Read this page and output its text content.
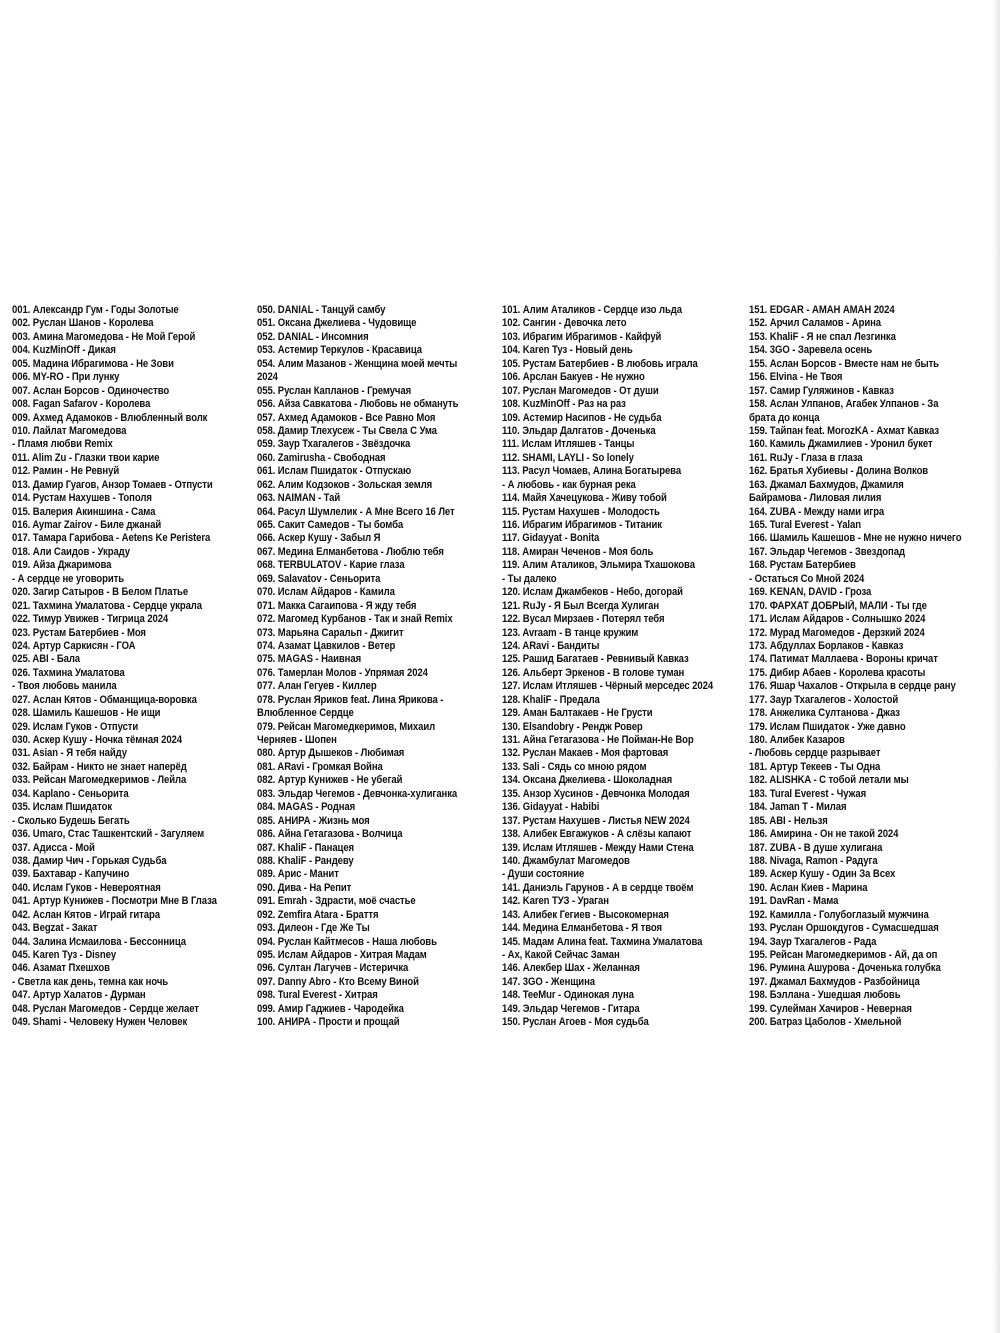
001. Александр Гум - Годы Золотые
002. Руслан Шанов - Королева
003. Амина Магомедова - Не Мой Герой
004. KuzMinOff - Дикая
005. Мадина Ибрагимова - Не Зови
006. MY-RO - При лунку
007. Аслан Борсов - Одиночество
008. Fagan Safarov - Королева
009. Ахмед Адамоков - Влюбленный волк
010. Лайлат Магомедова
- Пламя любви Remix
011. Alim Zu - Глазки твои карие
012. Рамин - Не Ревнуй
013. Дамир Гуагов, Анзор Томаев - Отпусти
014. Рустам Нахушев - Тополя
015. Валерия Акиншина - Сама
016. Aymar Zairov - Биле джанай
017. Тамара Гарибова - Aetens Ke Peristera
018. Али Саидов - Украду
019. Айза Джаримова
- А сердце не уговорить
020. Загир Сатыров - В Белом Платье
021. Тахмина Умалатова - Сердце украла
022. Тимур Увижев - Тигрица 2024
023. Рустам Батербиев - Моя
024. Артур Саркисян - ГОА
025. ABI - Бала
026. Тахмина Умалатова
- Твоя любовь манила
027. Аслан Кятов - Обманщица-воровка
028. Шамиль Кашешов - Не ищи
029. Ислам Гуков - Отпусти
030. Аскер Кушу - Ночка тёмная 2024
031. Asian - Я тебя найду
032. Байрам - Никто не знает наперёд
033. Рейсан Магомедкеримов - Лейла
034. Kaplano - Сеньорита
035. Ислам Пшидаток
- Сколько Будешь Бегать
036. Umaro, Стас Ташкентский - Загуляем
037. Адисса - Мой
038. Дамир Чич - Горькая Судьба
039. Бахтавар - Капучино
040. Ислам Гуков - Невероятная
041. Артур Кунижев - Посмотри Мне В Глаза
042. Аслан Кятов - Играй гитара
043. Begzat - Закат
044. Залина Исмаилова - Бессонница
045. Karen Туз - Disney
046. Азамат Пхешхов
- Светла как день, темна как ночь
047. Артур Халатов - Дурман
048. Руслан Магомедов - Сердце желает
049. Shami - Человеку Нужен Человек
050. DANIAL - Танцуй самбу
051. Оксана Джелиева - Чудовище
052. DANIAL - Инсомния
053. Астемир Теркулов - Красавица
054. Алим Мазанов - Женщина моей мечты
2024
055. Руслан Капланов - Гремучая
056. Айза Савкатова - Любовь не обмануть
057. Ахмед Адамоков - Все Равно Моя
058. Дамир Тлехусеж - Ты Свела С Ума
059. Заур Тхагалегов - Звёздочка
060. Zamirusha - Свободная
061. Ислам Пшидаток - Отпускаю
062. Алим Кодзоков - Зольская земля
063. NAIMAN - Тай
064. Расул Шумлелик - А Мне Всего 16 Лет
065. Сакит Самедов - Ты бомба
066. Аскер Кушу - Забыл Я
067. Медина Елманбетова - Люблю тебя
068. TERBULATOV - Карие глаза
069. Salavatov - Сеньорита
070. Ислам Айдаров - Камила
071. Макка Сагаипова - Я жду тебя
072. Магомед Курбанов - Так и знай Remix
073. Марьяна Саральп - Джигит
074. Азамат Цавкилов - Ветер
075. MAGAS - Наивная
076. Тамерлан Молов - Упрямая 2024
077. Алан Гегуев - Киллер
078. Руслан Яриков feat. Лина Ярикова -
Влюбленное Сердце
079. Рейсан Магомедкеримов, Михаил
Черняев - Шопен
080. Артур Дышеков - Любимая
081. ARavi - Громкая Война
082. Артур Кунижев - Не убегай
083. Эльдар Чегемов - Девчонка-хулиганка
084. MAGAS - Родная
085. АНИРА - Жизнь моя
086. Айна Гетагазова - Волчица
087. KhaliF - Панацея
088. KhaliF - Рандеву
089. Арис - Манит
090. Дива - На Репит
091. Emrah - Здрасти, моё счастье
092. Zemfira Atara - Браття
093. Дилеон - Где Же Ты
094. Руслан Кайтмесов - Наша любовь
095. Ислам Айдаров - Хитрая Мадам
096. Султан Лагучев - Истеричка
097. Danny Abro - Кто Всему Виной
098. Tural Everest - Хитрая
099. Амир Гаджиев - Чародейка
100. АНИРА - Прости и прощай
101. Алим Аталиков - Сердце изо льда
102. Сангин - Девочка лето
103. Ибрагим Ибрагимов - Кайфуй
104. Karen Туз - Новый день
105. Рустам Батербиев - В любовь играла
106. Арслан Бакуев - Не нужно
107. Руслан Магомедов - От души
108. KuzMinOff - Раз на раз
109. Астемир Насипов - Не судьба
110. Эльдар Далгатов - Доченька
111. Ислам Итляшев - Танцы
112. SHAMI, LAYLI - So lonely
113. Расул Чомаев, Алина Богатырева
- А любовь - как бурная река
114. Майя Хачецукова - Живу тобой
115. Рустам Нахушев - Молодость
116. Ибрагим Ибрагимов - Титаник
117. Gidayyat - Bonita
118. Амиран Чеченов - Моя боль
119. Алим Аталиков, Эльмира Тхашокова
- Ты далеко
120. Ислам Джамбеков - Небо, догорай
121. RuJy - Я Был Всегда Хулиган
122. Вусал Мирзаев - Потерял тебя
123. Avraam - В танце кружим
124. ARavi - Бандиты
125. Рашид Багатаев - Ревнивый Кавказ
126. Альберт Эркенов - В голове туман
127. Ислам Итляшев - Чёрный мерседес 2024
128. KhaliF - Предала
129. Аман Балтакаев - Не Грусти
130. Elsandobry - Рендж Ровер
131. Айна Гетагазова - Не Пойман-Не Вор
132. Руслан Макаев - Моя фартовая
133. Sali - Сядь со мною рядом
134. Оксана Джелиева - Шоколадная
135. Анзор Хусинов - Девчонка Молодая
136. Gidayyat - Habibi
137. Рустам Нахушев - Листья NEW 2024
138. Алибек Евгажуков - А слёзы капают
139. Ислам Итляшев - Между Нами Стена
140. Джамбулат Магомедов
- Души состояние
141. Даниэль Гарунов - А в сердце твоём
142. Karen ТУЗ - Ураган
143. Алибек Гегиев - Высокомерная
144. Медина Елманбетова - Я твоя
145. Мадам Алина feat. Тахмина Умалатова
- Ах, Какой Сейчас Заман
146. Алекбер Шах - Желанная
147. 3GO - Женщина
148. TeeMur - Одинокая луна
149. Эльдар Чегемов - Гитара
150. Руслан Агоев - Моя судьба
151. EDGAR - АМАН АМАН 2024
152. Арчил Саламов - Арина
153. KhaliF - Я не спал Лезгинка
154. 3GO - Заревела осень
155. Аслан Борсов - Вместе нам не быть
156. Elvina - Не Твоя
157. Самир Гуляжинов - Кавказ
158. Аслан Улпанов, Агабек Улпанов - За
брата до конца
159. Тайпан feat. MorozKA - Ахмат Кавказ
160. Камиль Джамилиев - Уронил букет
161. RuJy - Глаза в глаза
162. Братья Хубиевы - Долина Волков
163. Джамал Бахмудов, Джамиля
Байрамова - Лиловая лилия
164. ZUBA - Между нами игра
165. Tural Everest - Yalan
166. Шамиль Кашешов - Мне не нужно ничего
167. Эльдар Чегемов - Звездопад
168. Рустам Батербиев
- Остаться Со Мной 2024
169. KENAN, DAVID - Гроза
170. ФАРХАТ ДОБРЫЙ, МАЛИ - Ты где
171. Ислам Айдаров - Солнышко 2024
172. Мурад Магомедов - Дерзкий 2024
173. Абдуллах Борлаков - Кавказ
174. Патимат Маллаева - Вороны кричат
175. Дибир Абаев - Королева красоты
176. Яшар Чахалов - Открыла в сердце рану
177. Заур Тхагалегов - Холостой
178. Анжелика Султанова - Джаз
179. Ислам Пшидаток - Уже давно
180. Алибек Казаров
- Любовь сердце разрывает
181. Артур Текеев - Ты Одна
182. ALISHKA - С тобой летали мы
183. Tural Everest - Чужая
184. Jaman T - Милая
185. ABI - Нельзя
186. Амирина - Он не такой 2024
187. ZUBA - В душе хулигана
188. Nivaga, Ramon - Радуга
189. Аскер Кушу - Один За Всех
190. Аслан Киев - Марина
191. DavRan - Мама
192. Камилла - Голубоглазый мужчина
193. Руслан Оршокдугов - Сумасшедшая
194. Заур Тхагалегов - Рада
195. Рейсан Магомедкеримов - Ай, да оп
196. Румина Ашурова - Доченька голубка
197. Джамал Бахмудов - Разбойница
198. Бэллана - Ушедшая любовь
199. Сулейман Хачиров - Неверная
200. Батраз Цаболов - Хмельной
